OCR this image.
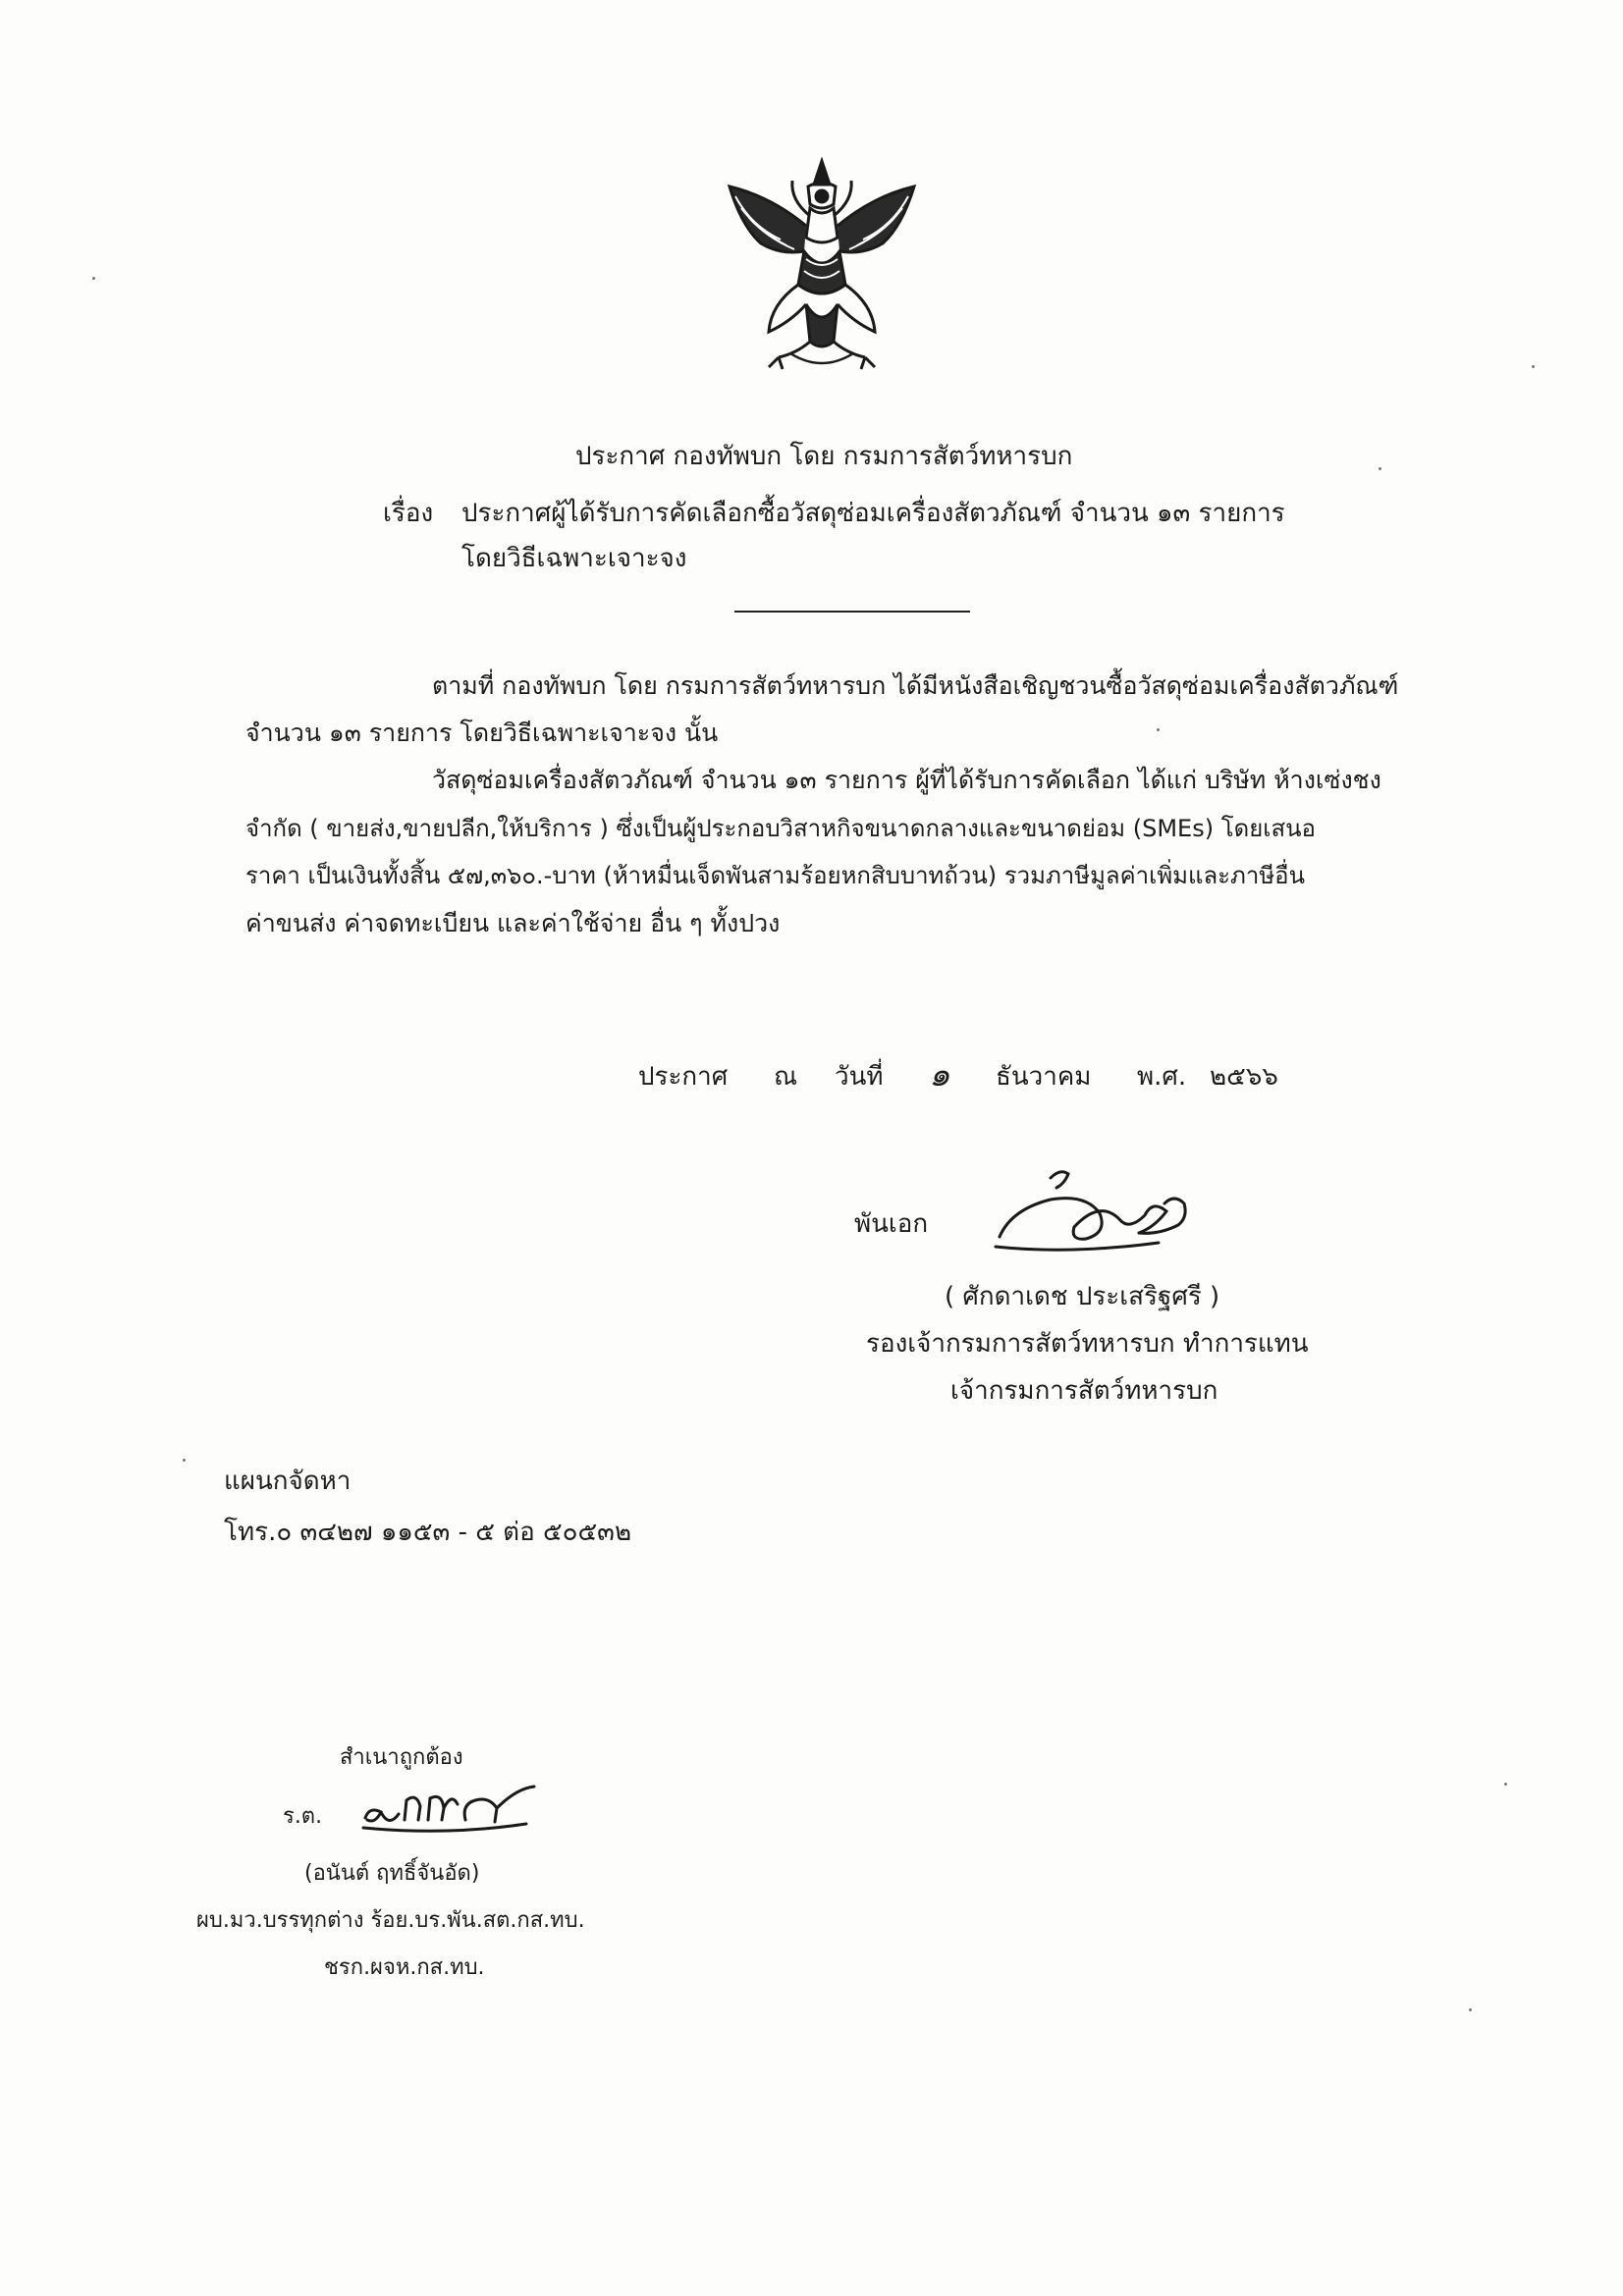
ประกาศ กองทัพบก โดย กรมการสัตว์ทหารบก
เรื่อง ประกาศผู้ได้รับการคัดเลือกซื้อวัสดุซ่อมเครื่องสัตวภัณฑ์ จำนวน ๑๓ รายการ
โดยวิธีเฉพาะเจาะจง
ตามที่ กองทัพบก โดย กรมการสัตว์ทหารบก ได้มีหนังสือเชิญชวนซื้อวัสดุซ่อมเครื่องสัตวภัณฑ์
จำนวน ๑๓ รายการ โดยวิธีเฉพาะเจาะจง นั้น
วัสดุซ่อมเครื่องสัตวภัณฑ์ จำนวน ๑๓ รายการ ผู้ที่ได้รับการคัดเลือก ได้แก่ บริษัท ห้างเซ่งชง
จำกัด ( ขายส่ง,ขายปลีก,ให้บริการ ) ซึ่งเป็นผู้ประกอบวิสาหกิจขนาดกลางและขนาดย่อม (SMEs) โดยเสนอ
ราคา เป็นเงินทั้งสิ้น ๕๗,๓๖๐.-บาท (ห้าหมื่นเจ็ดพันสามร้อยหกสิบบาทถ้วน) รวมภาษีมูลค่าเพิ่มและภาษีอื่น
ค่าขนส่ง ค่าจดทะเบียน และค่าใช้จ่าย อื่น ๆ ทั้งปวง
ประกาศ ณ วันที่ ๑ ธันวาคม พ.ศ. ๒๕๖๖
พันเอก
( ศักดาเดช ประเสริฐศรี )
รองเจ้ากรมการสัตว์ทหารบก ทำการแทน
เจ้ากรมการสัตว์ทหารบก
แผนกจัดหา
โทร.๐ ๓๔๒๗ ๑๑๕๓ - ๕ ต่อ ๕๐๕๓๒
สำเนาถูกต้อง
ร.ต.
(อนันต์ ฤทธิ์จันอัด)
ผบ.มว.บรรทุกต่าง ร้อย.บร.พัน.สต.กส.ทบ.
ชรก.ผจห.กส.ทบ.
